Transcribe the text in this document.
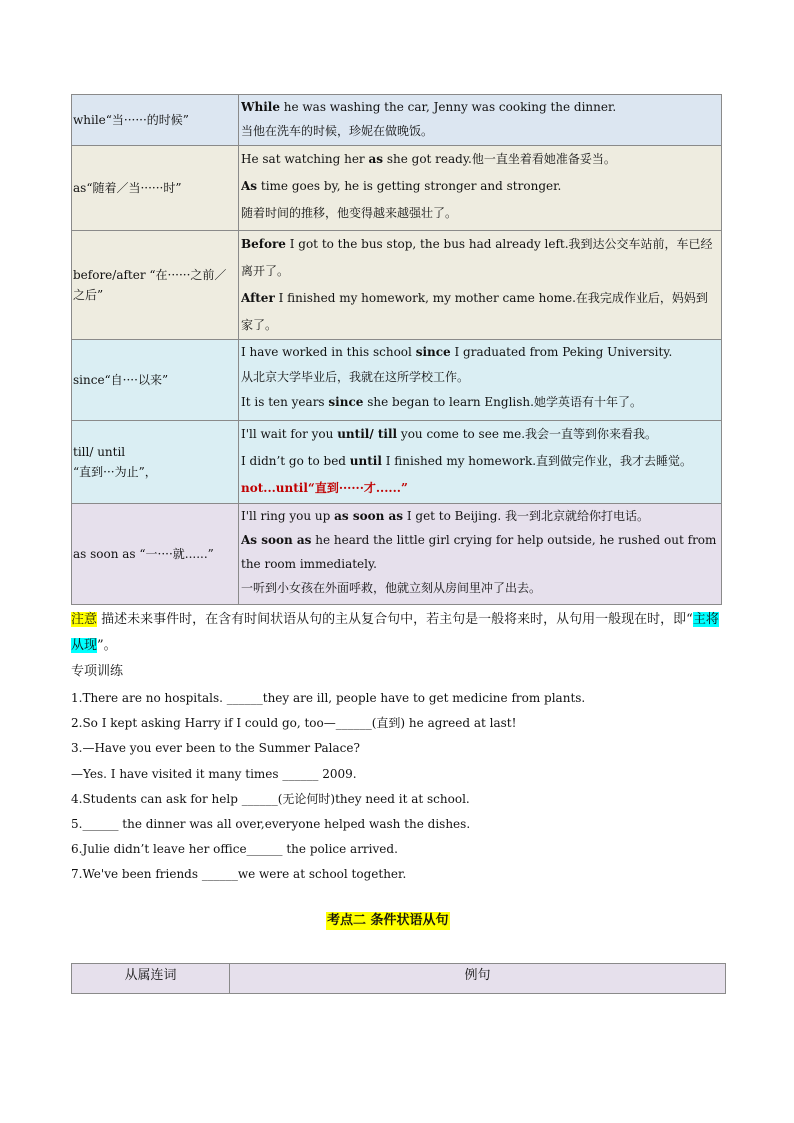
while“当······的时候”	While he was washing the car, Jenny was cooking the dinner.
当他在洗车的时候，珍妮在做晚饭。

as“随着／当······时”	He sat watching her as she got ready.他一直坐着看她准备妥当。
As time goes by, he is getting stronger and stronger.
随着时间的推移，他变得越来越强壮了。

before/after “在······之前／之后”	Before I got to the bus stop, the bus had already left.我到达公交车站前，车已经离开了。
After I finished my homework, my mother came home.在我完成作业后，妈妈到家了。

since“自····以来”	I have worked in this school since I graduated from Peking University.
从北京大学毕业后，我就在这所学校工作。
It is ten years since she began to learn English.她学英语有十年了。

till/ until
“直到···为止”，	I'll wait for you until/ till you come to see me.我会一直等到你来看我。
I didn’t go to bed until I finished my homework.直到做完作业，我才去睡觉。
not...until“直到······才......”

as soon as “一····就......”	I'll ring you up as soon as I get to Beijing. 我一到北京就给你打电话。
As soon as he heard the little girl crying for help outside, he rushed out from the room immediately.
一听到小女孩在外面呼救，他就立刻从房间里冲了出去。
注意 描述未来事件时，在含有时间状语从句的主从复合句中，若主句是一般将来时，从句用一般现在时，即“主将从现”。
专项训练
1.There are no hospitals. ______they are ill, people have to get medicine from plants.
2.So I kept asking Harry if I could go, too—______(直到) he agreed at last!
3.—Have you ever been to the Summer Palace?
—Yes. I have visited it many times ______ 2009.
4.Students can ask for help ______(无论何时)they need it at school.
5.______ the dinner was all over,everyone helped wash the dishes.
6.Julie didn’t leave her office______ the police arrived.
7.We've been friends ______we were at school together.
考点二 条件状语从句
从属连词	例句
